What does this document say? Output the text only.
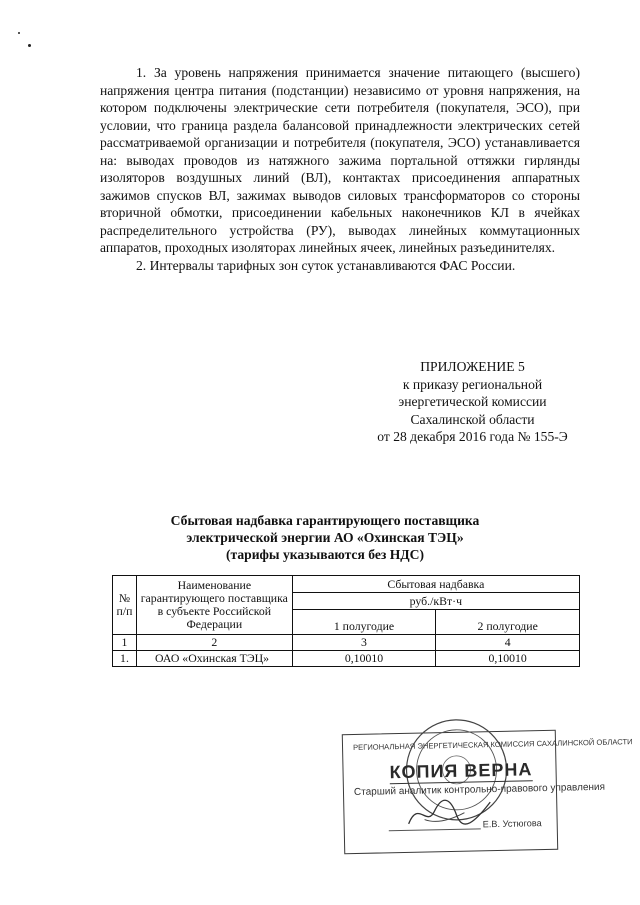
1. За уровень напряжения принимается значение питающего (высшего) напряжения центра питания (подстанции) независимо от уровня напряжения, на котором подключены электрические сети потребителя (покупателя, ЭСО), при условии, что граница раздела балансовой принадлежности электрических сетей рассматриваемой организации и потребителя (покупателя, ЭСО) устанавливается на: выводах проводов из натяжного зажима портальной оттяжки гирлянды изоляторов воздушных линий (ВЛ), контактах присоединения аппаратных зажимов спусков ВЛ, зажимах выводов силовых трансформаторов со стороны вторичной обмотки, присоединении кабельных наконечников КЛ в ячейках распределительного устройства (РУ), выводах линейных коммутационных аппаратов, проходных изоляторах линейных ячеек, линейных разъединителях.

2. Интервалы тарифных зон суток устанавливаются ФАС России.

ПРИЛОЖЕНИЕ 5
к приказу региональной
энергетической комиссии
Сахалинской области
от 28 декабря 2016 года № 155-Э
Сбытовая надбавка гарантирующего поставщика
электрической энергии АО «Охинская ТЭЦ»
(тарифы указываются без НДС)
№ п/п	Наименование гарантирующего поставщика в субъекте Российской Федерации	Сбытовая надбавка	
		руб./кВт·ч	
		1 полугодие	2 полугодие
1	2	3	4
1.	ОАО «Охинская ТЭЦ»	0,10010	0,10010
РЕГИОНАЛЬНАЯ ЭНЕРГЕТИЧЕСКАЯ КОМИССИЯ САХАЛИНСКОЙ ОБЛАСТИ
КОПИЯ ВЕРНА
Старший аналитик контрольно-правового управления
Е.В. Устюгова
